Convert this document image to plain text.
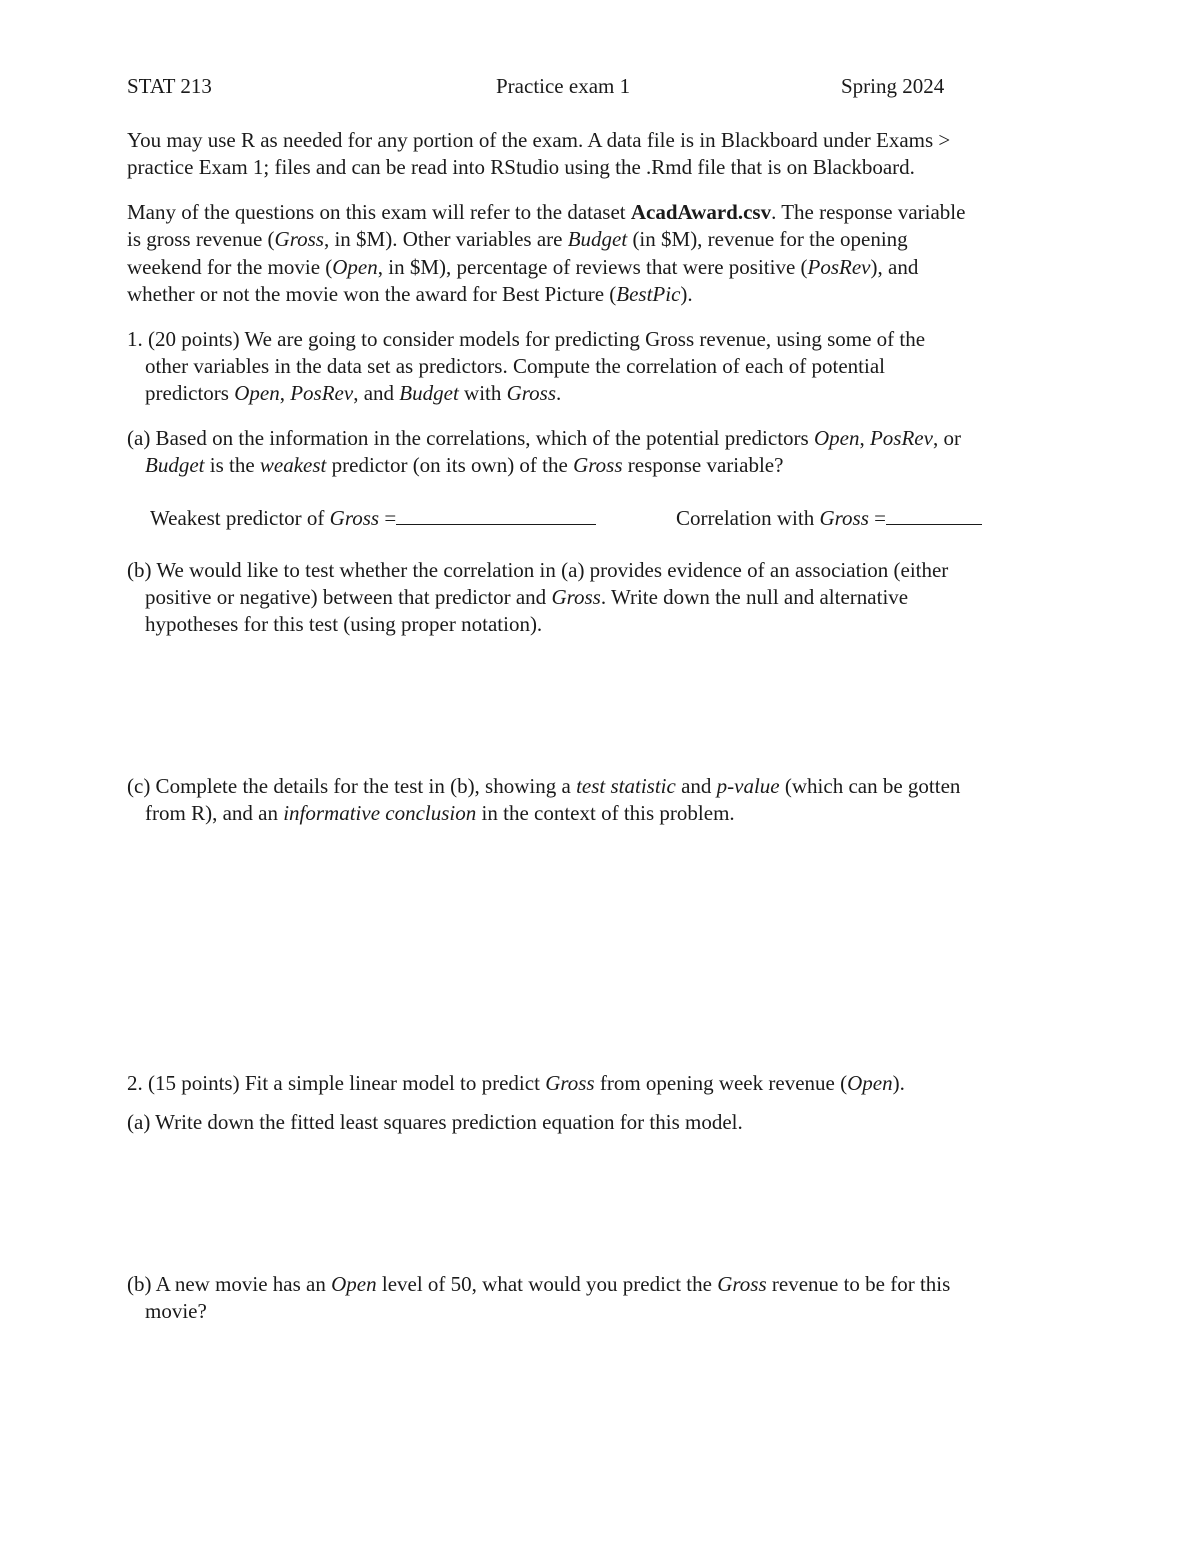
STAT 213	Practice exam 1	Spring 2024
You may use R as needed for any portion of the exam. A data file is in Blackboard under Exams >
practice Exam 1; files and can be read into RStudio using the .Rmd file that is on Blackboard.
Many of the questions on this exam will refer to the dataset AcadAward.csv. The response variable
is gross revenue (Gross, in $M). Other variables are Budget (in $M), revenue for the opening
weekend for the movie (Open, in $M), percentage of reviews that were positive (PosRev), and
whether or not the movie won the award for Best Picture (BestPic).
1. (20 points) We are going to consider models for predicting Gross revenue, using some of the
other variables in the data set as predictors. Compute the correlation of each of potential
predictors Open, PosRev, and Budget with Gross.
(a) Based on the information in the correlations, which of the potential predictors Open, PosRev, or
Budget is the weakest predictor (on its own) of the Gross response variable?
Weakest predictor of Gross =	Correlation with Gross =
(b) We would like to test whether the correlation in (a) provides evidence of an association (either
positive or negative) between that predictor and Gross. Write down the null and alternative
hypotheses for this test (using proper notation).
(c) Complete the details for the test in (b), showing a test statistic and p-value (which can be gotten
from R), and an informative conclusion in the context of this problem.
2. (15 points) Fit a simple linear model to predict Gross from opening week revenue (Open).
(a) Write down the fitted least squares prediction equation for this model.
(b) A new movie has an Open level of 50, what would you predict the Gross revenue to be for this
movie?
